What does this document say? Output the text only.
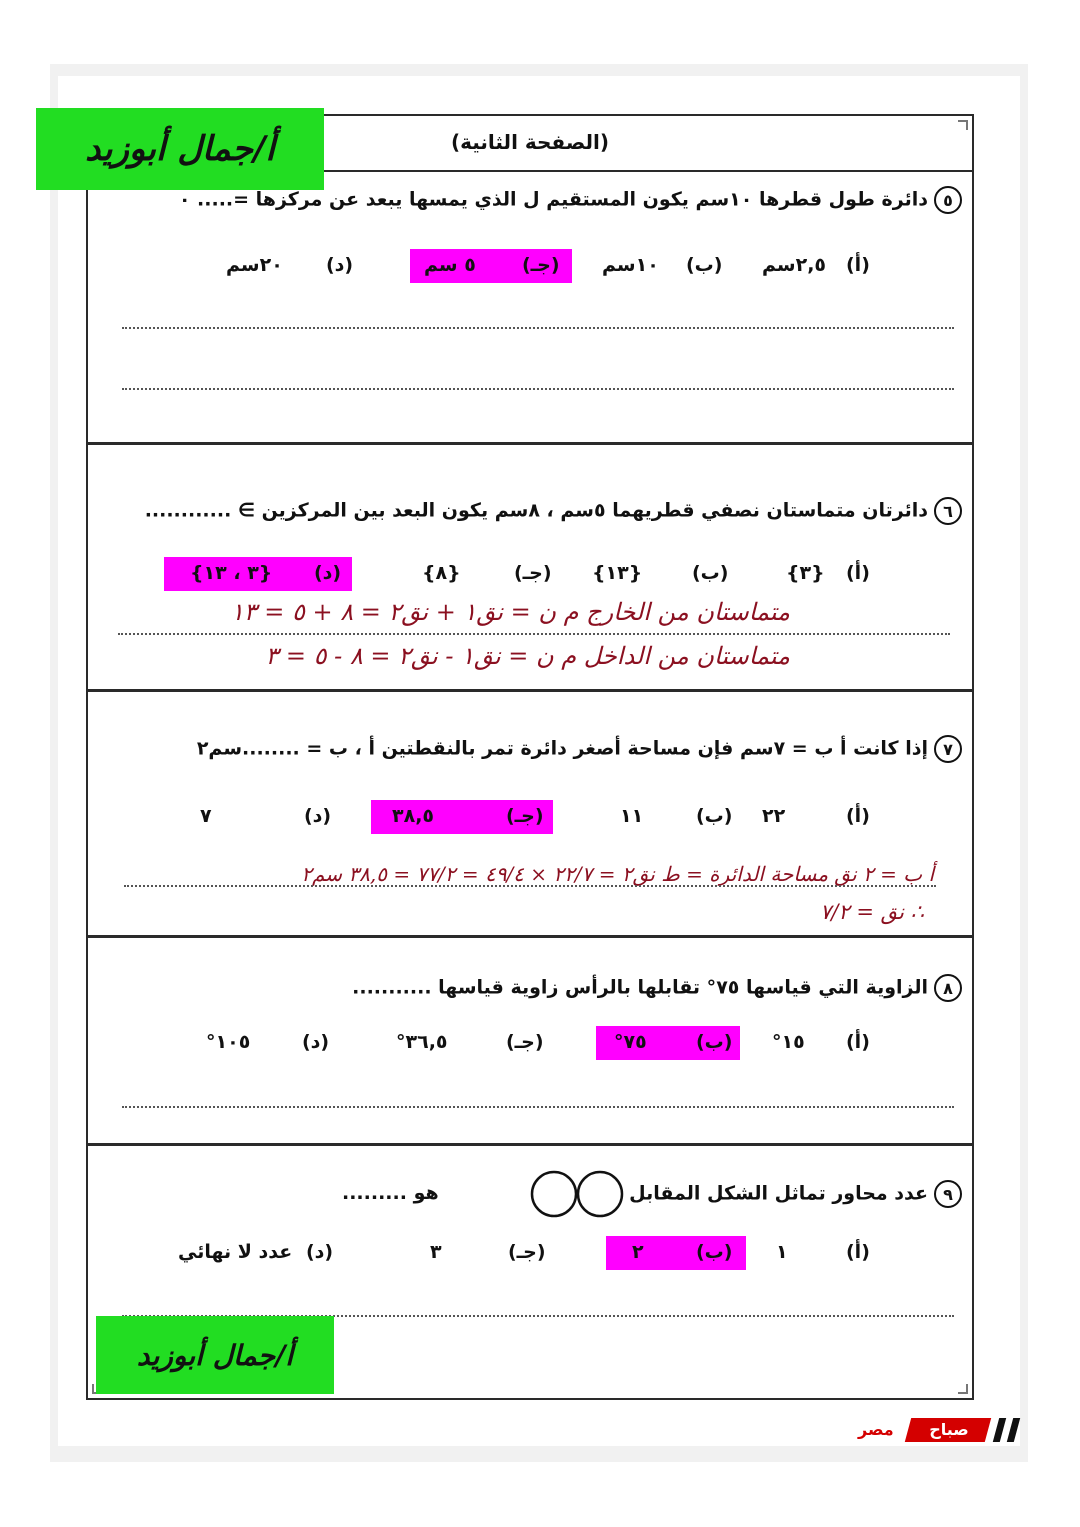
(الصفحة الثانية)
أ/جمال أبوزيد
٥دائرة طول قطرها ١٠سم يكون المستقيم ل الذي يمسها يبعد عن مركزها =..... ٠
(أ)
٢,٥سم
(ب)
١٠سم
(جـ)
٥ سم
(د)
٢٠سم
٦دائرتان متماستان نصفي قطريهما ٥سم ، ٨سم يكون البعد بين المركزين ∋ ............
(أ)
{٣}
(ب)
{١٣}
(جـ)
{٨}
(د)
{٣ ، ١٣}
متماستان من الخارج م ن = نق١ + نق٢ = ٨ + ٥ = ١٣
متماستان من الداخل م ن = نق١ - نق٢ = ٨ - ٥ = ٣
٧إذا كانت أ ب = ٧سم فإن مساحة أصغر دائرة تمر بالنقطتين أ ، ب = ........سم٢
(أ)
٢٢
(ب)
١١
(جـ)
٣٨,٥
(د)
٧
أ ب = ٢ نق مساحة الدائرة = ط نق٢ = ٢٢/٧ × ٤٩/٤ = ٧٧/٢ = ٣٨,٥ سم٢
∴ نق = ٧/٢
٨الزاوية التي قياسها ٧٥° تقابلها بالرأس زاوية قياسها ...........
(أ)
١٥°
(ب)
٧٥°
(جـ)
٣٦,٥°
(د)
١٠٥°
٩عدد محاور تماثل الشكل المقابل
هو .........
(أ)
١
(ب)
٢
(جـ)
٣
(د)
عدد لا نهائي
أ/جمال أبوزيد
مصر	صباح
